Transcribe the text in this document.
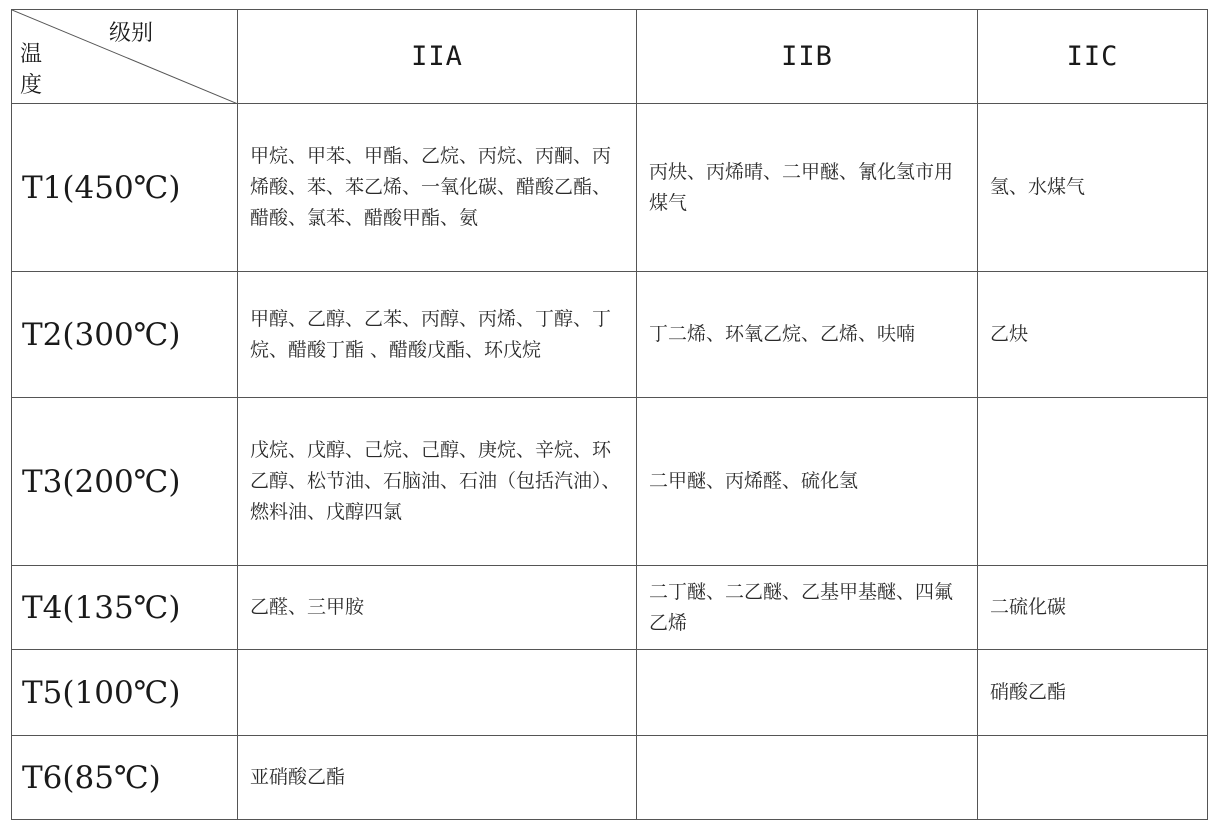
级别
温
度	IIA	IIB	IIC
T1(450℃)	甲烷、甲苯、甲酯、乙烷、丙烷、丙酮、丙烯酸、苯、苯乙烯、一氧化碳、醋酸乙酯、醋酸、氯苯、醋酸甲酯、氨	丙炔、丙烯晴、二甲醚、氰化氢市用煤气	氢、水煤气
T2(300℃)	甲醇、乙醇、乙苯、丙醇、丙烯、丁醇、丁烷、醋酸丁酯 、醋酸戊酯、环戊烷	丁二烯、环氧乙烷、乙烯、呋喃	乙炔
T3(200℃)	戊烷、戊醇、己烷、己醇、庚烷、辛烷、环乙醇、松节油、石脑油、石油（包括汽油）、燃料油、戊醇四氯	二甲醚、丙烯醛、硫化氢	
T4(135℃)	乙醛、三甲胺	二丁醚、二乙醚、乙基甲基醚、四氟乙烯	二硫化碳
T5(100℃)			硝酸乙酯
T6(85℃)	亚硝酸乙酯		
